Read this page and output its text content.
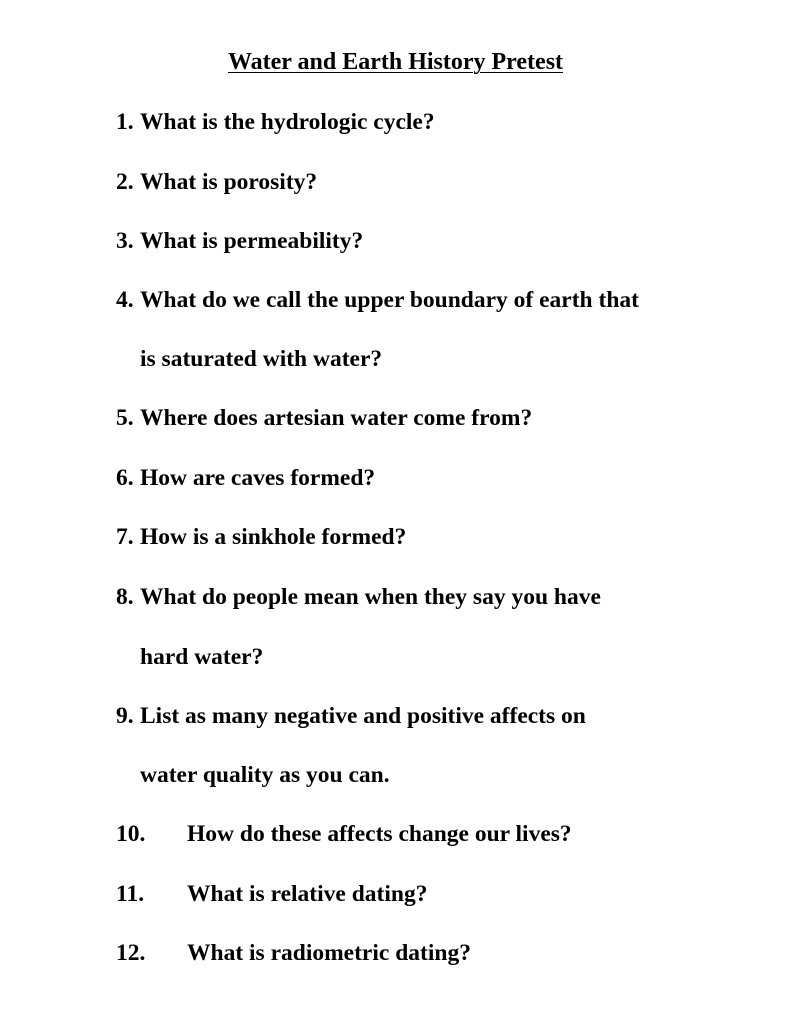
Water and Earth History Pretest
1. What is the hydrologic cycle?
2. What is porosity?
3. What is permeability?
4. What do we call the upper boundary of earth that
is saturated with water?
5. Where does artesian water come from?
6. How are caves formed?
7. How is a sinkhole formed?
8. What do people mean when they say you have
hard water?
9. List as many negative and positive affects on
water quality as you can.
10. How do these affects change our lives?
11. What is relative dating?
12. What is radiometric dating?
